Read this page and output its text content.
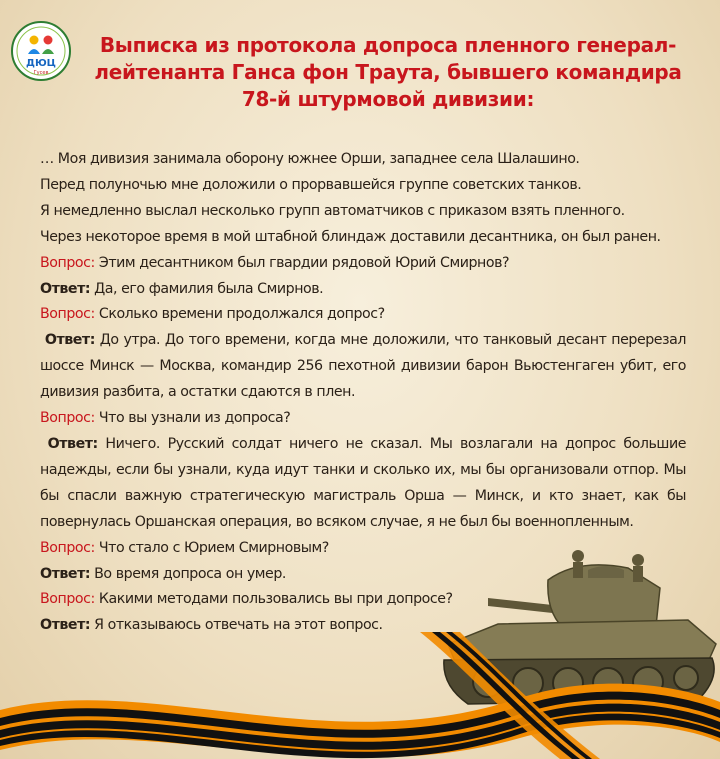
ДЮЦ
Гусев
Выписка из протокола допроса пленного генерал-
лейтенанта Ганса фон Траута, бывшего командира
78-й штурмовой дивизии:

… Моя дивизия занимала оборону южнее Орши, западнее села Шалашино.

Перед полуночью мне доложили о прорвавшейся группе советских танков.

Я немедленно выслал несколько групп автоматчиков с приказом взять пленного.

Через некоторое время в мой штабной блиндаж доставили десантника, он был ранен.

Вопрос: Этим десантником был гвардии рядовой Юрий Смирнов?

Ответ: Да, его фамилия была Смирнов.

Вопрос: Сколько времени продолжался допрос?

Ответ: До утра. До того времени, когда мне доложили, что танковый десант перерезал шоссе Минск — Москва, командир 256 пехотной дивизии барон Вьюстенгаген убит, его дивизия разбита, а остатки сдаются в плен.

Вопрос: Что вы узнали из допроса?

Ответ: Ничего. Русский солдат ничего не сказал. Мы возлагали на допрос большие надежды, если бы узнали, куда идут танки и сколько их, мы бы организовали отпор. Мы бы спасли важную стратегическую магистраль Орша — Минск, и кто знает, как бы повернулась Оршанская операция, во всяком случае, я не был бы военнопленным.

Вопрос: Что стало с Юрием Смирновым?

Ответ: Во время допроса он умер.

Вопрос: Какими методами пользовались вы при допросе?

Ответ: Я отказываюсь отвечать на этот вопрос.
